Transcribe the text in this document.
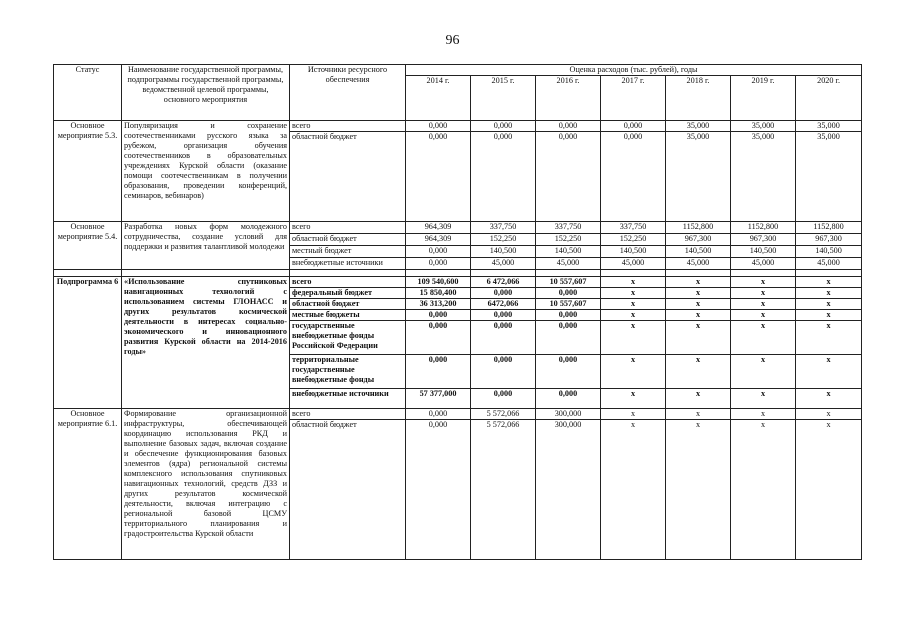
96
Статус	Наименование государственной программы, подпрограммы государственной программы, ведомственной целевой программы, основного мероприятия	Источники ресурсного обеспечения	Оценка расходов (тыс. рублей), годы						
			2014 г.	2015 г.	2016 г.	2017 г.	2018 г.	2019 г.	2020 г.
Основное мероприятие 5.3.	Популяризация и сохранение соотечественниками русского языка за рубежом, организация обучения соотечественников в образовательных учреждениях Курской области (оказание помощи соотечественникам в получении образования, проведении конференций, семинаров, вебинаров)	всего	0,000	0,000	0,000	0,000	35,000	35,000	35,000
		областной бюджет	0,000	0,000	0,000	0,000	35,000	35,000	35,000
Основное мероприятие 5.4.	Разработка новых форм молодежного сотрудничества, создание условий для поддержки и развития талантливой молодежи	всего	964,309	337,750	337,750	337,750	1152,800	1152,800	1152,800
		областной бюджет	964,309	152,250	152,250	152,250	967,300	967,300	967,300
		местный бюджет	0,000	140,500	140,500	140,500	140,500	140,500	140,500
		внебюджетные источники	0,000	45,000	45,000	45,000	45,000	45,000	45,000

Подпрограмма 6	«Использование спутниковых навигационных технологий с использованием системы ГЛОНАСС и других результатов космической деятельности в интересах социально-экономического и инновационного развития Курской области на 2014-2016 годы»	всего	109 540,600	6 472,066	10 557,607	x	x	x	x
		федеральный бюджет	15 850,400	0,000	0,000	x	x	x	x
		областной бюджет	36 313,200	6472,066	10 557,607	x	x	x	x
		местные бюджеты	0,000	0,000	0,000	x	x	x	x
		государственные внебюджетные фонды Российской Федерации	0,000	0,000	0,000	x	x	x	x
		территориальные государственные внебюджетные фонды	0,000	0,000	0,000	x	x	x	x
		внебюджетные источники	57 377,000	0,000	0,000	x	x	x	x
Основное мероприятие 6.1.	Формирование организационной инфраструктуры, обеспечивающей координацию использования РКД и выполнение базовых задач, включая создание и обеспечение функционирования базовых элементов (ядра) региональной системы комплексного использования спутниковых навигационных технологий, средств ДЗЗ и других результатов космической деятельности, включая интеграцию с региональной базовой ЦСМУ территориального планирования и градостроительства Курской области	всего	0,000	5 572,066	300,000	x	x	x	x
		областной бюджет	0,000	5 572,066	300,000	x	x	x	x
